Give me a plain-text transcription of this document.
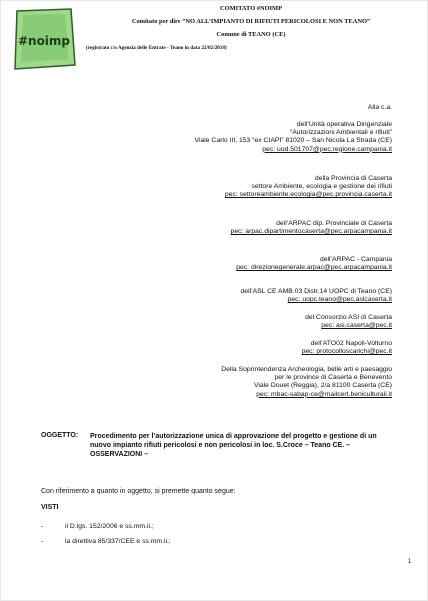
#noimp
COMITATO #NOIMP
Comitato per dire “NO ALL’IMPIANTO DI RIFIUTI PERICOLOSI E NON TEANO”
Comune di TEANO (CE)
(registrato c/o Agenzia delle Entrate - Teano in data 22/02/2018)
Alla c.a.
dell’Unità operativa Dirigenziale
“Autorizzazioni Ambientali e rifiuti”
Viale Carlo III, 153 “ex CIAPI” 81020 – San Nicola La Strada (CE)
pec: uod.501707@pec.regione.campania.it
della Provincia di Caserta
settore Ambiente, ecologia e gestione dei rifiuti
pec: settoreambiente.ecologia@pec.provincia.caserta.it
dell’ARPAC dip. Provinciale di Caserta
pec: arpac.dipartimentocaserta@pec.arpacampania.it
dell’ARPAC - Campania
pec: direzionegenerale.arpac@pec.arpacampania.it
dell’ASL CE AMB.03 Distr.14 UOPC di Teano (CE)
pec: uopc.teano@pec.aslcaserta.it
del Consorzio ASI di Caserta
pec: asi.caserta@pec.it
dell’ATO02 Napoli-Volturno
pec: protocolloscarichi@pec.it
Della Soprintendenza Archeologia, belle arti e paesaggio
per le province di Caserta e Benevento
Viale Douet (Reggia), 2/a 81100 Caserta (CE)
pec: mbac-sabap-ce@mailcert.beniculturali.it
OGGETTO: Procedimento per l’autorizzazione unica di approvazione del progetto e gestione di un nuovo impianto rifiuti pericolosi e non pericolosi in loc. S.Croce – Teano CE. – OSSERVAZIONI –
Con riferimento a quanto in oggetto, si premette quanto segue:
VISTI
-	il D.lgs. 152/2006 e ss.mm.ii.;
-	la direttiva 85/337/CEE e ss.mm.ii.;
1
